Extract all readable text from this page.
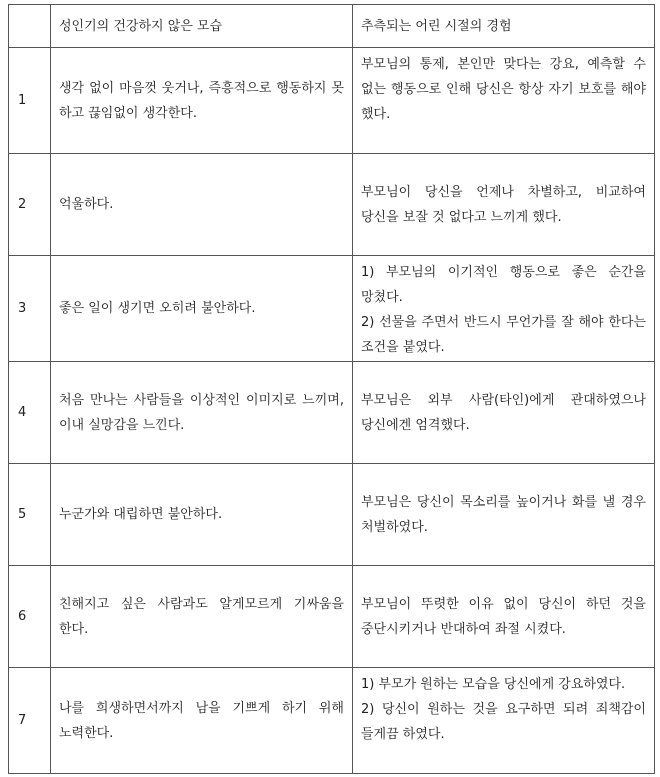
	성인기의 건강하지 않은 모습	추측되는 어린 시절의 경험
1	생각 없이 마음껏 웃거나, 즉흥적으로 행동하지 못 하고 끊임없이 생각한다.	부모님의 통제, 본인만 맞다는 강요, 예측할 수 없는 행동으로 인해 당신은 항상 자기 보호를 해야 했다.

2	억울하다.	부모님이 당신을 언제나 차별하고, 비교하여 당신을 보잘 것 없다고 느끼게 했다.

3	좋은 일이 생기면 오히려 불안하다.	1) 부모님의 이기적인 행동으로 좋은 순간을 망쳤다.
2) 선물을 주면서 반드시 무언가를 잘 해야 한다는 조건을 붙였다.

4	처음 만나는 사람들을 이상적인 이미지로 느끼며, 이내 실망감을 느낀다.	부모님은 외부 사람(타인)에게 관대하였으나 당신에겐 엄격했다.

5	누군가와 대립하면 불안하다.	부모님은 당신이 목소리를 높이거나 화를 낼 경우 처벌하였다.

6	친해지고 싶은 사람과도 알게모르게 기싸움을 한다.	부모님이 뚜렷한 이유 없이 당신이 하던 것을 중단시키거나 반대하여 좌절 시켰다.

7	나를 희생하면서까지 남을 기쁘게 하기 위해 노력한다.	1) 부모가 원하는 모습을 당신에게 강요하였다.
2) 당신이 원하는 것을 요구하면 되려 죄책감이 들게끔 하였다.
